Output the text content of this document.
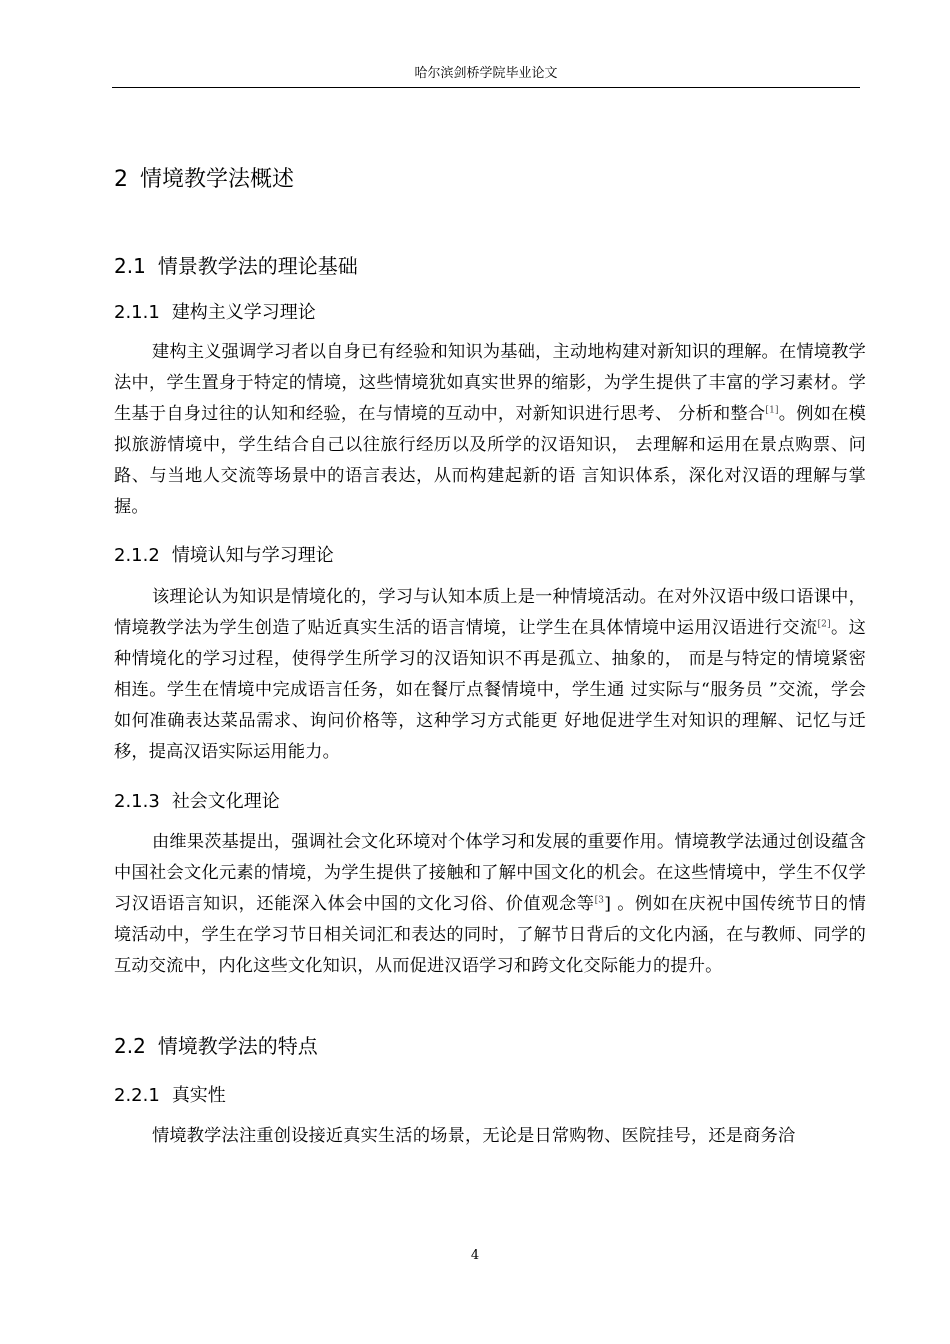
哈尔滨剑桥学院毕业论文
2 情境教学法概述
2.1 情景教学法的理论基础
2.1.1 建构主义学习理论

建构主义强调学习者以自身已有经验和知识为基础，主动地构建对新知识的理解。在情境教学法中，学生置身于特定的情境，这些情境犹如真实世界的缩影，为学生提供了丰富的学习素材。学生基于自身过往的认知和经验，在与情境的互动中，对新知识进行思考、 分析和整合[1]。例如在模拟旅游情境中，学生结合自己以往旅行经历以及所学的汉语知识， 去理解和运用在景点购票、问路、与当地人交流等场景中的语言表达，从而构建起新的语 言知识体系，深化对汉语的理解与掌握。

2.1.2 情境认知与学习理论

该理论认为知识是情境化的，学习与认知本质上是一种情境活动。在对外汉语中级口语课中，情境教学法为学生创造了贴近真实生活的语言情境，让学生在具体情境中运用汉语进行交流[2]。这种情境化的学习过程，使得学生所学习的汉语知识不再是孤立、抽象的， 而是与特定的情境紧密相连。学生在情境中完成语言任务，如在餐厅点餐情境中，学生通 过实际与“服务员 ”交流，学会如何准确表达菜品需求、询问价格等，这种学习方式能更 好地促进学生对知识的理解、记忆与迁移，提高汉语实际运用能力。

2.1.3 社会文化理论

由维果茨基提出，强调社会文化环境对个体学习和发展的重要作用。情境教学法通过创设蕴含中国社会文化元素的情境，为学生提供了接触和了解中国文化的机会。在这些情境中，学生不仅学习汉语语言知识，还能深入体会中国的文化习俗、价值观念等$^{[3}$] 。例如在庆祝中国传统节日的情境活动中，学生在学习节日相关词汇和表达的同时，了解节日背后的文化内涵，在与教师、同学的互动交流中，内化这些文化知识，从而促进汉语学习和跨文化交际能力的提升。

2.2 情境教学法的特点
2.2.1 真实性

情境教学法注重创设接近真实生活的场景，无论是日常购物、医院挂号，还是商务洽

4
